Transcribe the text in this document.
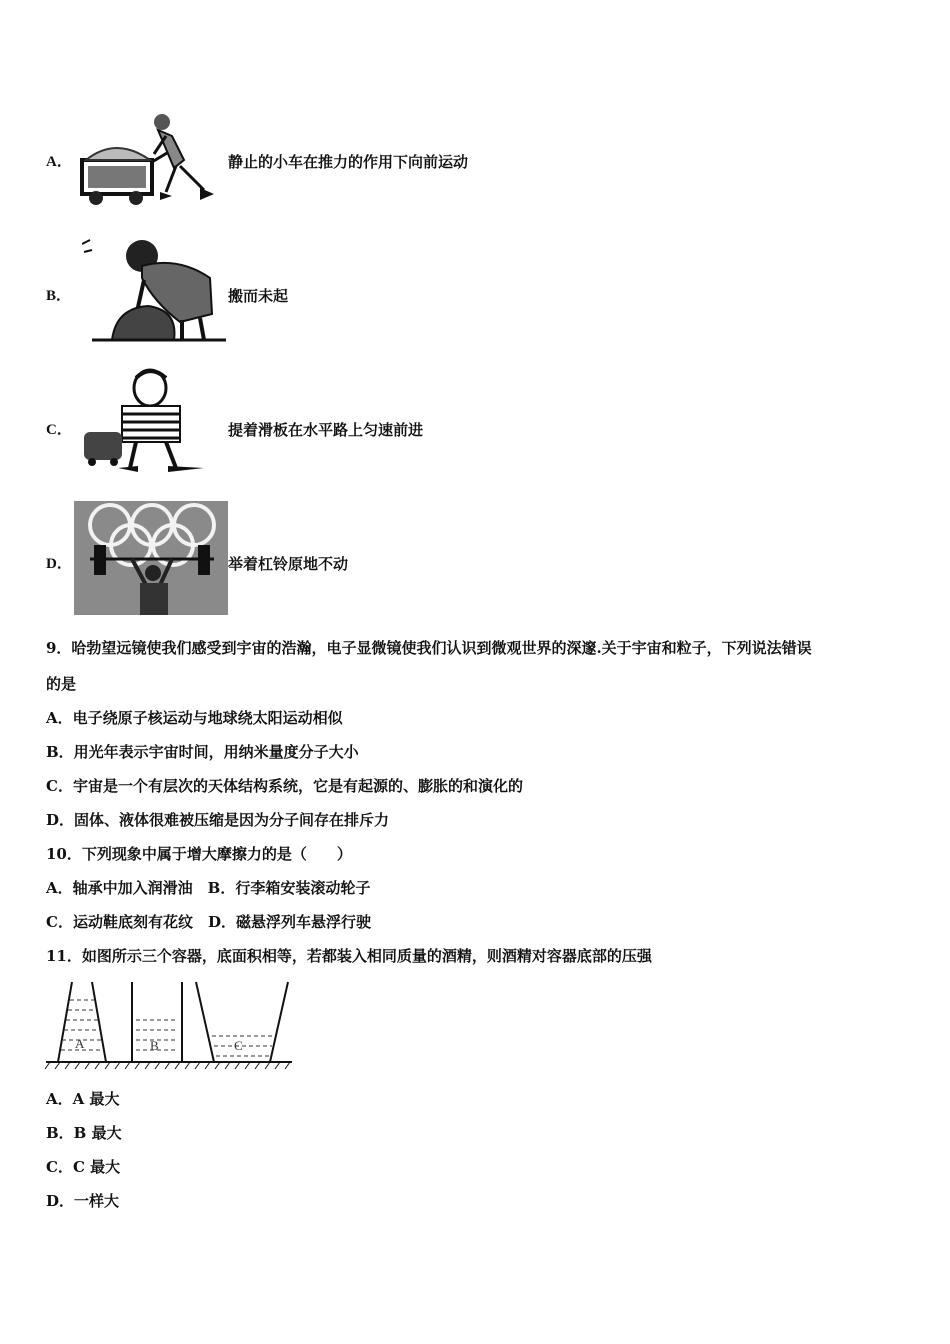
A．	静止的小车在推力的作用下向前运动
B．	搬而未起
C．	提着滑板在水平路上匀速前进
D．	举着杠铃原地不动
9．哈勃望远镜使我们感受到宇宙的浩瀚，电子显微镜使我们认识到微观世界的深邃.关于宇宙和粒子，下列说法错误
的是
A．电子绕原子核运动与地球绕太阳运动相似
B．用光年表示宇宙时间，用纳米量度分子大小
C．宇宙是一个有层次的天体结构系统，它是有起源的、膨胀的和演化的
D．固体、液体很难被压缩是因为分子间存在排斥力
10．下列现象中属于增大摩擦力的是（　　）
A．轴承中加入润滑油　B．行李箱安装滚动轮子
C．运动鞋底刻有花纹　D．磁悬浮列车悬浮行驶
11．如图所示三个容器，底面积相等，若都装入相同质量的酒精，则酒精对容器底部的压强
A	B	C
A．A 最大
B．B 最大
C．C 最大
D．一样大
